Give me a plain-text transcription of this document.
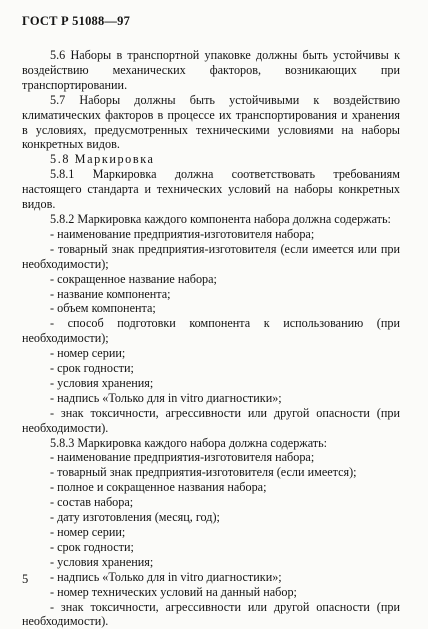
ГОСТ Р 51088—97

5.6 Наборы в транспортной упаковке должны быть устойчивы к воздействию механических факторов, возникающих при транспортировании.

5.7 Наборы должны быть устойчивыми к воздействию климатических факторов в процессе их транспортирования и хранения в условиях, предусмотренных техническими условиями на наборы конкретных видов.

5.8 Маркировка

5.8.1 Маркировка должна соответствовать требованиям настоящего стандарта и технических условий на наборы конкретных видов.

5.8.2 Маркировка каждого компонента набора должна содержать:

- наименование предприятия-изготовителя набора;

- товарный знак предприятия-изготовителя (если имеется или при необходимости);

- сокращенное название набора;

- название компонента;

- объем компонента;

- способ подготовки компонента к использованию (при необходимости);

- номер серии;

- срок годности;

- условия хранения;

- надпись «Только для in vitro диагностики»;

- знак токсичности, агрессивности или другой опасности (при необходимости).

5.8.3 Маркировка каждого набора должна содержать:

- наименование предприятия-изготовителя набора;

- товарный знак предприятия-изготовителя (если имеется);

- полное и сокращенное названия набора;

- состав набора;

- дату изготовления (месяц, год);

- номер серии;

- срок годности;

- условия хранения;

- надпись «Только для in vitro диагностики»;

- номер технических условий на данный набор;

- знак токсичности, агрессивности или другой опасности (при необходимости).

5
